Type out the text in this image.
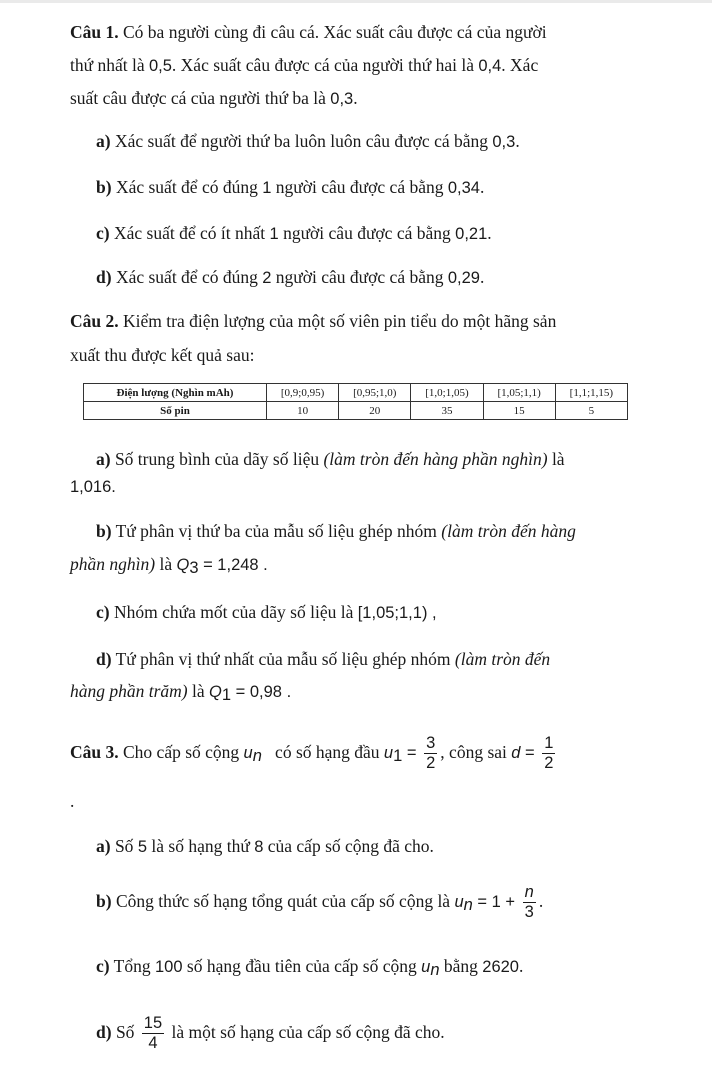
Câu 1. Có ba người cùng đi câu cá. Xác suất câu được cá của người
thứ nhất là 0,5. Xác suất câu được cá của người thứ hai là 0,4. Xác
suất câu được cá của người thứ ba là 0,3.
a) Xác suất để người thứ ba luôn luôn câu được cá bằng 0,3.
b) Xác suất để có đúng 1 người câu được cá bằng 0,34.
c) Xác suất để có ít nhất 1 người câu được cá bằng 0,21.
d) Xác suất để có đúng 2 người câu được cá bằng 0,29.
Câu 2. Kiểm tra điện lượng của một số viên pin tiểu do một hãng sản
xuất thu được kết quả sau:
Điện lượng (Nghìn mAh)	[0,9;0,95)	[0,95;1,0)	[1,0;1,05)	[1,05;1,1)	[1,1;1,15)
Số pin	10	20	35	15	5
a) Số trung bình của dãy số liệu (làm tròn đến hàng phần nghìn) là
1,016.
b) Tứ phân vị thứ ba của mẫu số liệu ghép nhóm (làm tròn đến hàng
phần nghìn) là $Q_3 = 1,248$ .
c) Nhóm chứa mốt của dãy số liệu là [1,05;1,1) ,
d) Tứ phân vị thứ nhất của mẫu số liệu ghép nhóm (làm tròn đến
hàng phần trăm) là $Q_1 = 0,98$ .
Câu 3. Cho cấp số cộng $u_n$   có số hạng đầu $u_1 = \frac{3}{2}$ , công sai $d = \frac{1}{2}$
.
a) Số 5 là số hạng thứ 8 của cấp số cộng đã cho.
b) Công thức số hạng tổng quát của cấp số cộng là $u_n = 1 + \frac{n}{3}$ .
c) Tổng 100 số hạng đầu tiên của cấp số cộng $u_n$ bằng 2620.
d) Số $\frac{15}{4}$ là một số hạng của cấp số cộng đã cho.
